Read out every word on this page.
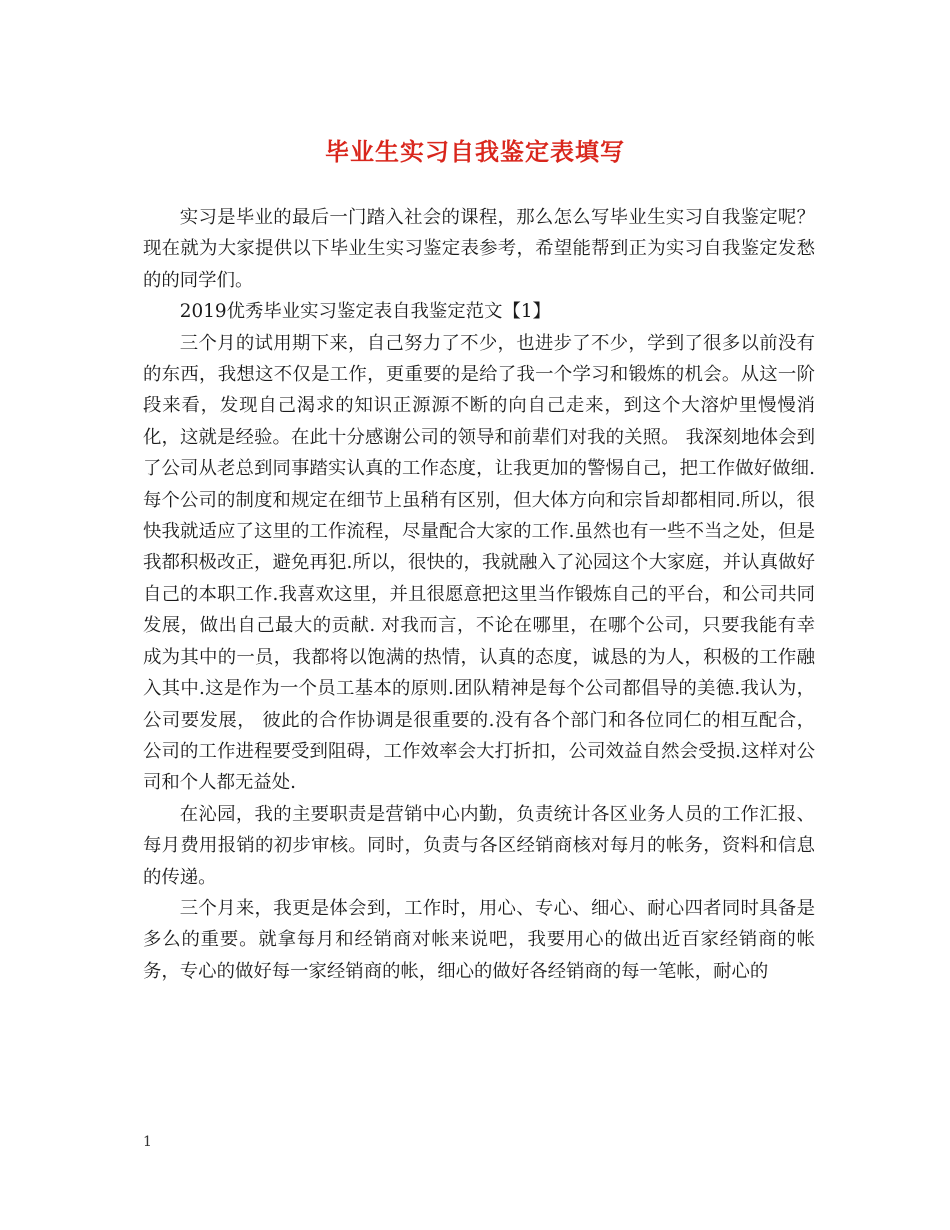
毕业生实习自我鉴定表填写

实习是毕业的最后一门踏入社会的课程，那么怎么写毕业生实习自我鉴定呢？现在就为大家提供以下毕业生实习鉴定表参考，希望能帮到正为实习自我鉴定发愁的的同学们。

2019优秀毕业实习鉴定表自我鉴定范文【1】

三个月的试用期下来，自己努力了不少，也进步了不少，学到了很多以前没有的东西，我想这不仅是工作，更重要的是给了我一个学习和锻炼的机会。从这一阶段来看，发现自己渴求的知识正源源不断的向自己走来，到这个大溶炉里慢慢消化，这就是经验。在此十分感谢公司的领导和前辈们对我的关照。 我深刻地体会到了公司从老总到同事踏实认真的工作态度，让我更加的警惕自己，把工作做好做细.每个公司的制度和规定在细节上虽稍有区别，但大体方向和宗旨却都相同.所以，很快我就适应了这里的工作流程，尽量配合大家的工作.虽然也有一些不当之处，但是我都积极改正，避免再犯.所以，很快的，我就融入了沁园这个大家庭，并认真做好自己的本职工作.我喜欢这里，并且很愿意把这里当作锻炼自己的平台，和公司共同发展，做出自己最大的贡献. 对我而言，不论在哪里，在哪个公司，只要我能有幸成为其中的一员，我都将以饱满的热情，认真的态度，诚恳的为人，积极的工作融入其中.这是作为一个员工基本的原则.团队精神是每个公司都倡导的美德.我认为，公司要发展， 彼此的合作协调是很重要的.没有各个部门和各位同仁的相互配合，公司的工作进程要受到阻碍，工作效率会大打折扣，公司效益自然会受损.这样对公司和个人都无益处.

在沁园，我的主要职责是营销中心内勤，负责统计各区业务人员的工作汇报、每月费用报销的初步审核。同时，负责与各区经销商核对每月的帐务，资料和信息的传递。

三个月来，我更是体会到，工作时，用心、专心、细心、耐心四者同时具备是多么的重要。就拿每月和经销商对帐来说吧，我要用心的做出近百家经销商的帐务，专心的做好每一家经销商的帐，细心的做好各经销商的每一笔帐，耐心的

1
